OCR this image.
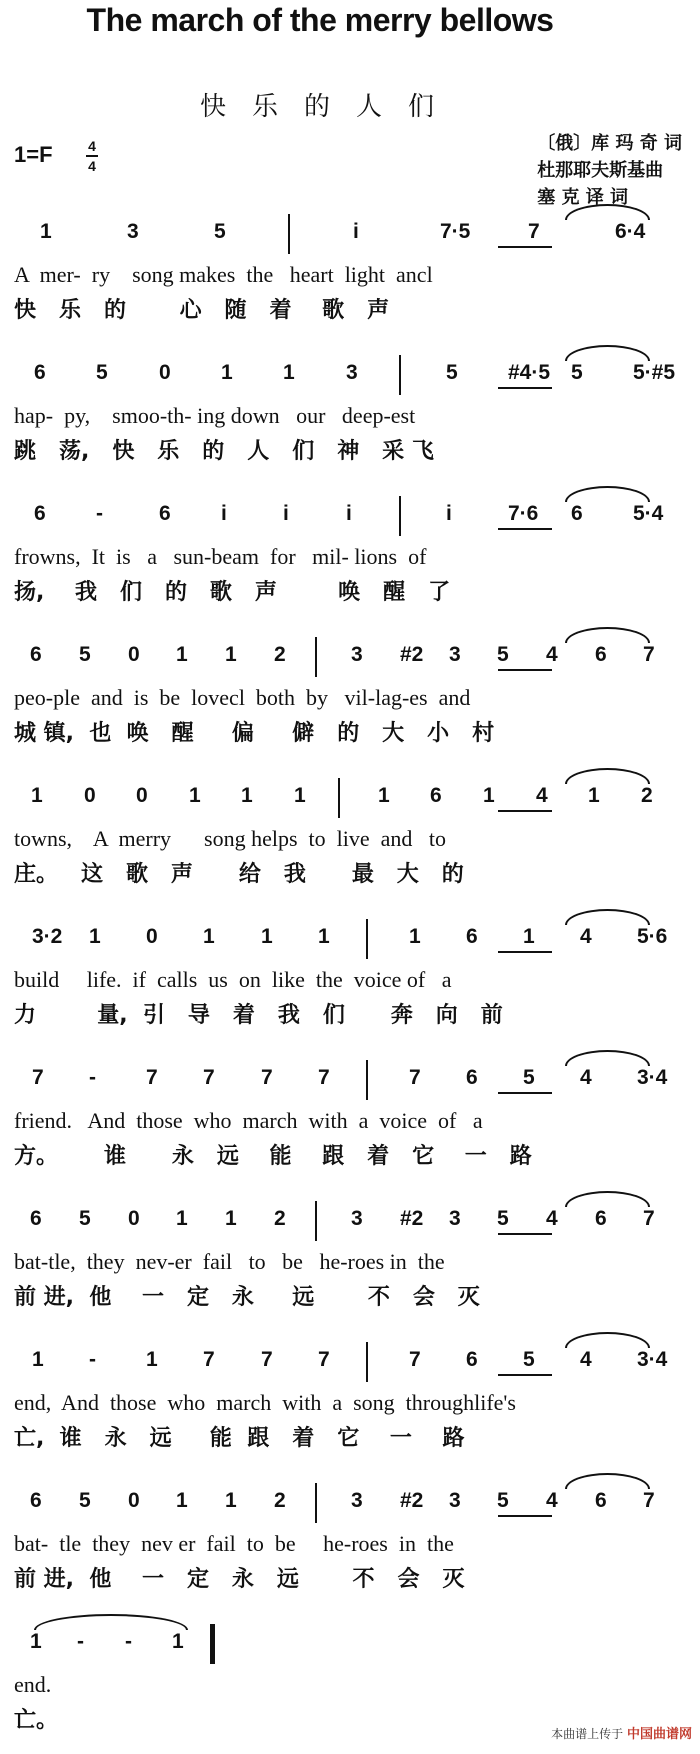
The march of the merry bellows
快乐的人们
1=F	4
4
〔俄〕库 玛 奇 词
杜那耶夫斯基曲
塞 克 译 词
1	3	5	i	7·5	7	6·4
A  mer-  ry    song makes  the   heart  light  ancl
快   乐   的       心   随   着    歌   声
6 5 0 1 1 3	5 #4·5 5 5·#5
hap-  py,    smoo-th- ing down   our   deep-est
跳   荡,   快   乐   的   人   们   神   采 飞
6 -	6 i	i	i	i	7·6 6 5·4
frowns,  It  is   a   sun-beam  for   mil- lions  of
扬,    我   们   的   歌   声        唤   醒   了
6 5 0 1 1 2	3 #2 3 5 4 6 7
peo-ple  and  is  be  lovecl  both  by   vil-lag-es  and
城 镇,  也  唤   醒     偏     僻   的   大   小   村
1 0 0 1 1 1	1 6 1 4 1 2
towns,    A  merry      song helps  to  live  and   to
庄。   这   歌   声      给   我      最   大   的
3·2 1 0 1 1 1	1 6 1 4 5·6
build     life.  if  calls  us  on  like  the  voice of   a
力        量,  引   导   着   我   们      奔   向   前
7 - 7 7 7 7	7 6 5 4 3·4
friend.   And  those  who  march  with  a  voice  of   a
方。      谁      永   远    能    跟   着   它    一   路
6 5 0 1 1 2	3 #2 3 5 4 6 7
bat-tle,  they  nev-er  fail   to   be   he-roes in  the
前 进,  他    一   定   永     远       不   会   灭
1 - 1 7 7 7	7 6 5 4 3·4
end,  And  those  who  march  with  a  song  throughlife's
亡,  谁   永   远     能  跟   着   它    一    路
6 5 0 1 1 2	3 #2 3 5 4 6 7
bat-  tle  they  nev er  fail  to  be     he-roes  in  the
前 进,  他    一   定   永   远       不   会   灭
1 - - 1
end.
亡。
本曲谱上传于 中国曲谱网
